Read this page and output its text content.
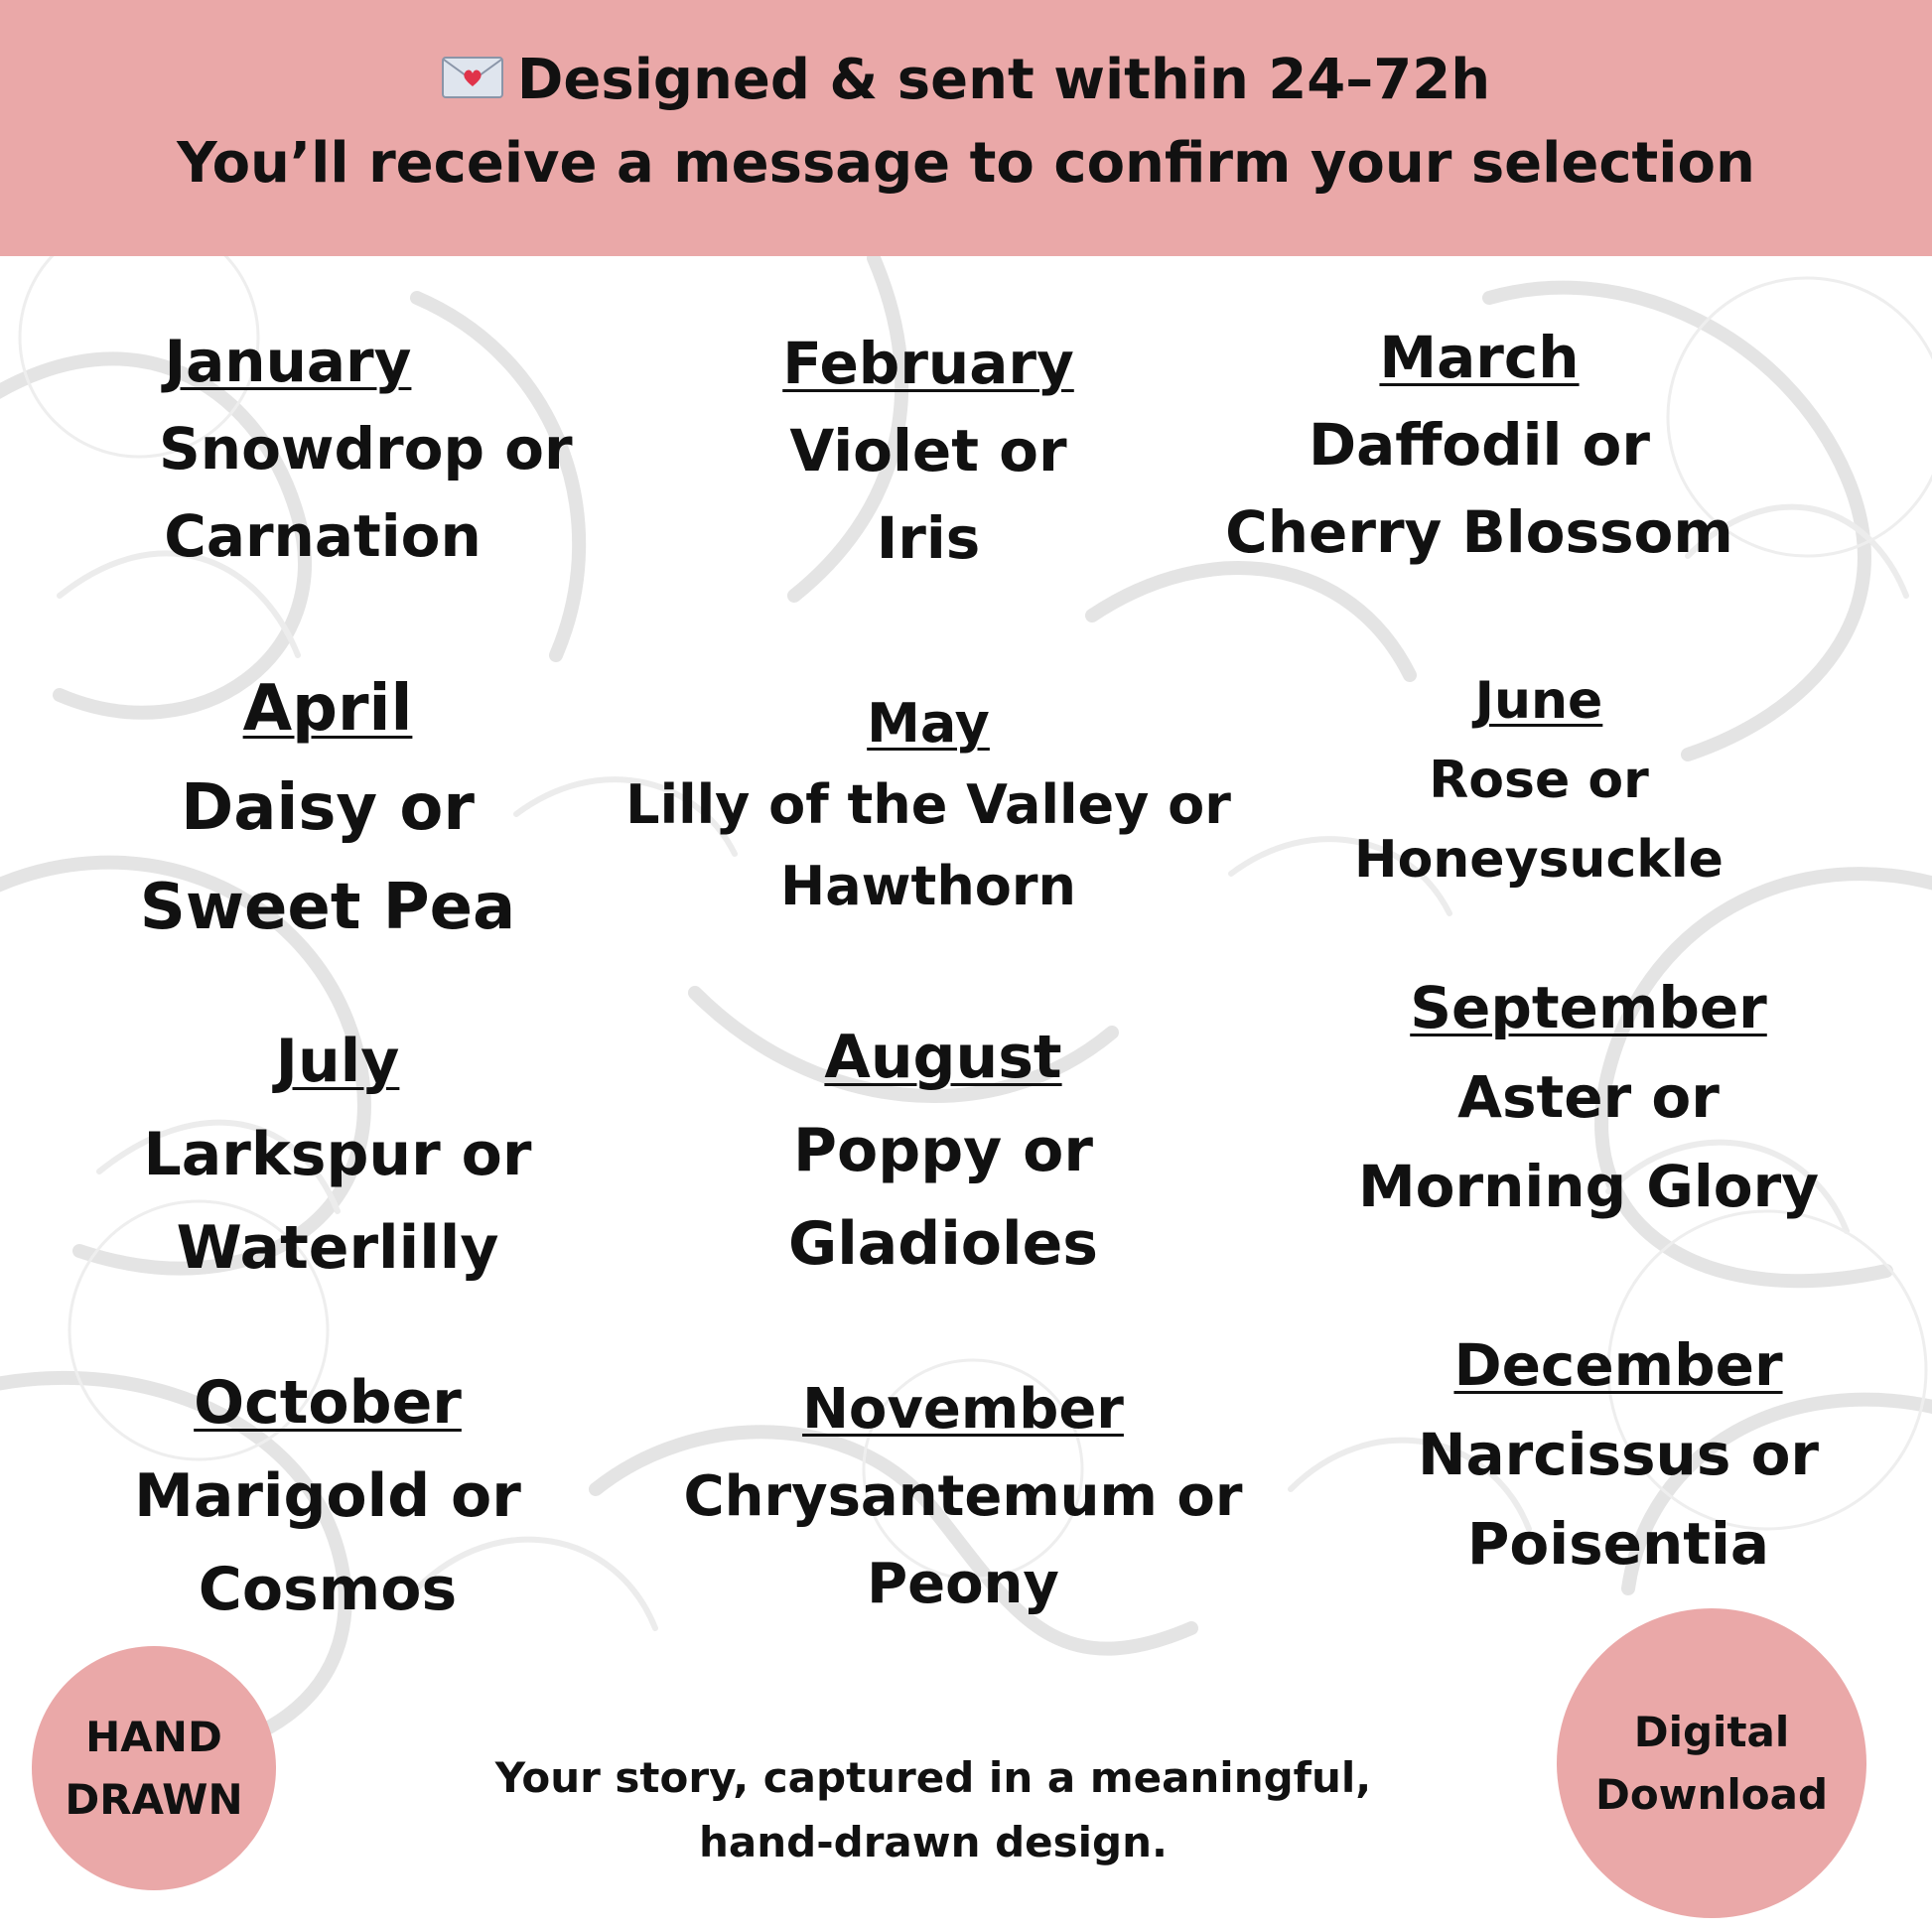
Designed & sent within 24–72h
You’ll receive a message to confirm your selection
January
Snowdrop or
Carnation
February
Violet or
Iris
March
Daffodil or
Cherry Blossom
April
Daisy or
Sweet Pea
May
Lilly of the Valley or
Hawthorn
June
Rose or
Honeysuckle
July
Larkspur or
Waterlilly
August
Poppy or
Gladioles
September
Aster or
Morning Glory
October
Marigold or
Cosmos
November
Chrysantemum or
Peony
December
Narcissus or
Poisentia
HAND
DRAWN
Digital
Download
Your story, captured in a meaningful,
hand-drawn design.
